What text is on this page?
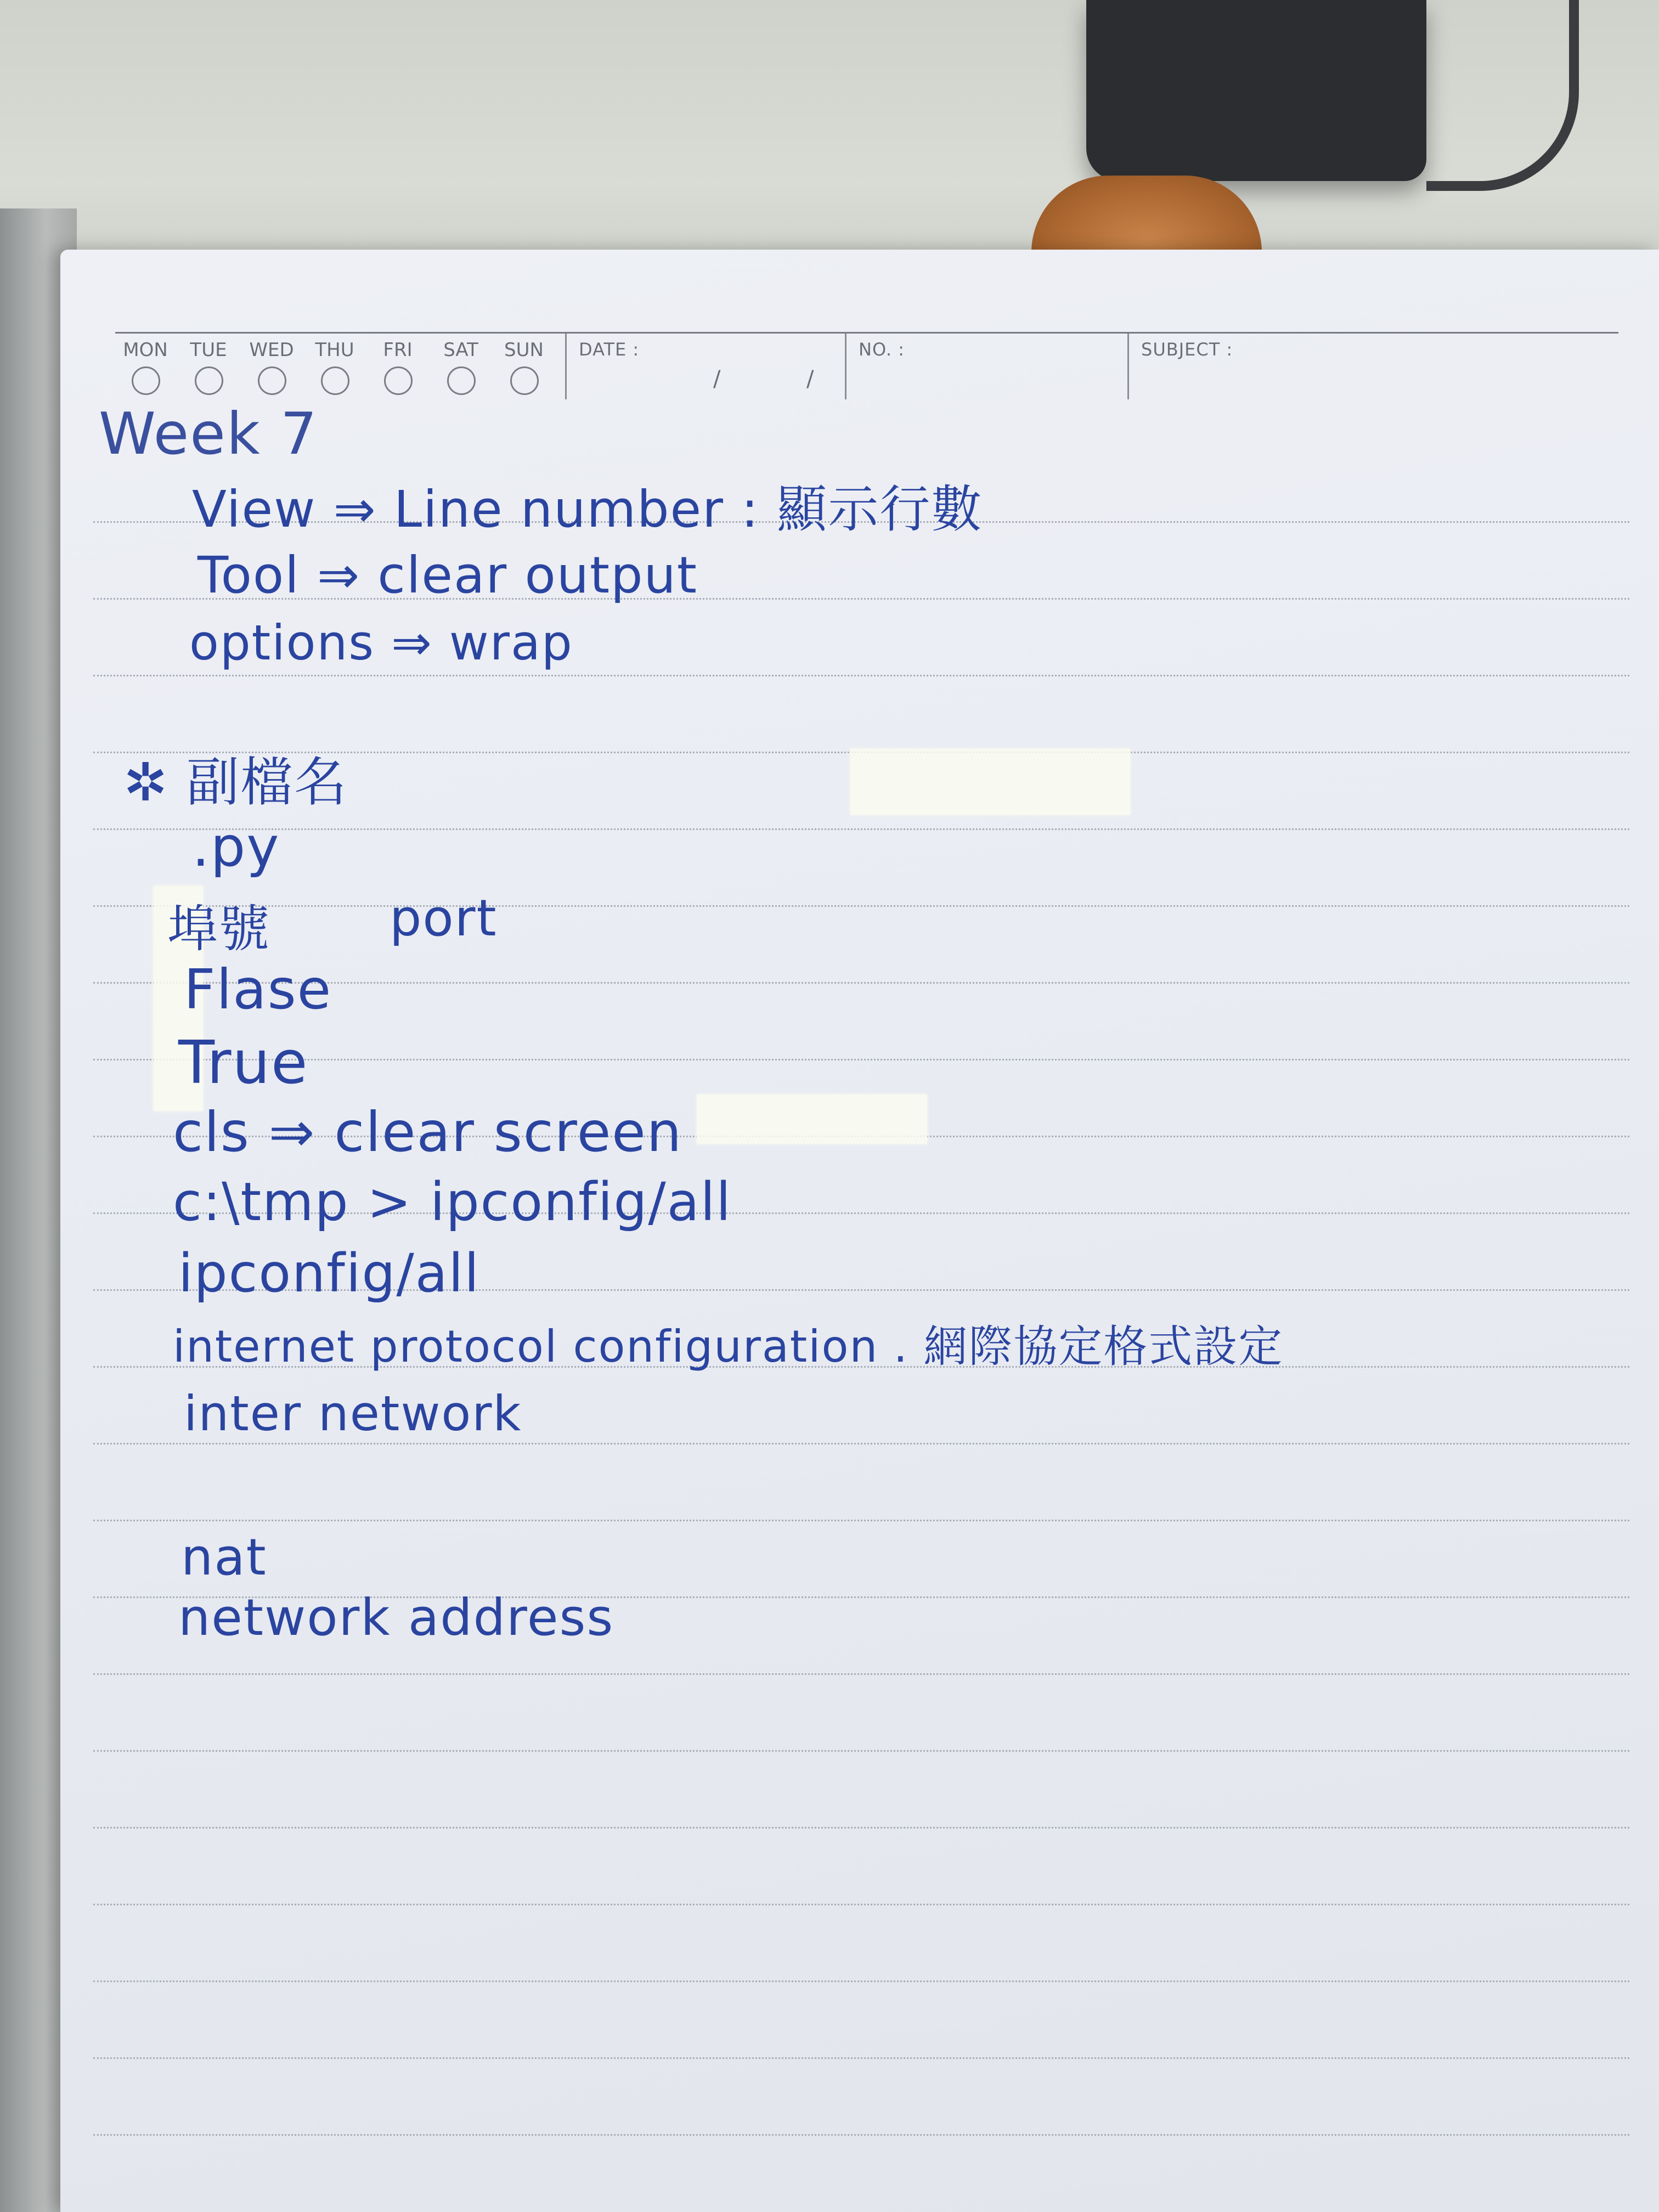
MON	TUE	WED	THU	FRI	SAT	SUN	DATE :
/	/
NO. :	SUBJECT :
Week 7
View ⇒ Line number : 顯示行數
Tool ⇒ clear output
options ⇒ wrap
✲ 副檔名
.py
埠號 port
Flase
True
cls ⇒ clear screen
c:\tmp > ipconfig/all
ipconfig/all
internet protocol configuration . 網際協定格式設定
inter network
nat
network address
